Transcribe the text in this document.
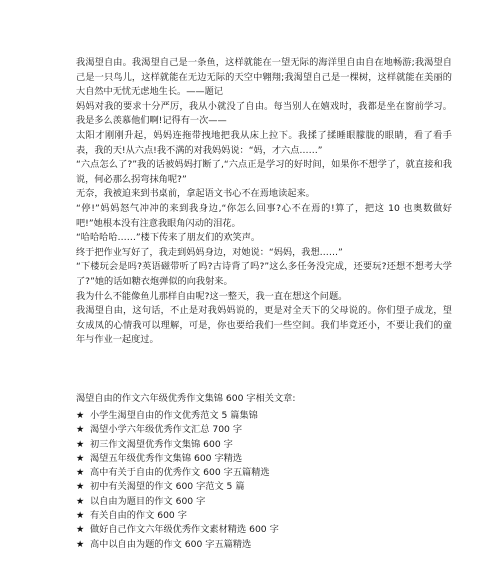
我渴望自由。我渴望自己是一条鱼，这样就能在一望无际的海洋里自由自在地畅游;我渴望自己是一只鸟儿，这样就能在无边无际的天空中翱翔;我渴望自己是一棵树，这样就能在美丽的大自然中无忧无虑地生长。——题记

妈妈对我的要求十分严厉，我从小就没了自由。每当别人在嬉戏时，我都是坐在窗前学习。我是多么羡慕他们啊!记得有一次——

太阳才刚刚升起，妈妈连拖带拽地把我从床上拉下。我揉了揉睡眼朦胧的眼睛，看了看手表，我的天!从六点!我不满的对我妈妈说：“妈，才六点……”

“六点怎么了?”我的话被妈妈打断了,“六点正是学习的好时间，如果你不想学了，就直接和我说，何必那么拐弯抹角呢?”

无奈，我被迫来到书桌前，拿起语文书心不在焉地读起来。

“停!”妈妈怒气冲冲的来到我身边,“你怎么回事?心不在焉的!算了，把这 10 也奥数做好吧!”她根本没有注意我眼角闪动的泪花。

“哈哈哈哈……”楼下传来了朋友们的欢笑声。

终于把作业写好了，我走到妈妈身边，对她说：“妈妈，我想……”

“下楼玩会是吗?英语磁带听了吗?古诗背了吗?”这么多任务没完成，还要玩?还想不想考大学了?”她的话如糖衣炮弹似的向我射来。

我为什么不能像鱼儿那样自由呢?这一整天，我一直在想这个问题。

我渴望自由，这句话，不止是对我妈妈说的，更是对全天下的父母说的。你们望子成龙，望女成凤的心情我可以理解，可是，你也要给我们一些空间。我们毕竟还小，不要让我们的童年与作业一起度过。

渴望自由的作文六年级优秀作文集锦 600 字相关文章:

★ 小学生渴望自由的作文优秀范文 5 篇集锦
★ 渴望小学六年级优秀作文汇总 700 字
★ 初三作文渴望优秀作文集锦 600 字
★ 渴望五年级优秀作文集锦 600 字精选
★ 高中有关于自由的优秀作文 600 字五篇精选
★ 初中有关渴望的作文 600 字范文 5 篇
★ 以自由为题目的作文 600 字
★ 有关自由的作文 600 字
★ 做好自己作文六年级优秀作文素材精选 600 字
★ 高中以自由为题的作文 600 字五篇精选
